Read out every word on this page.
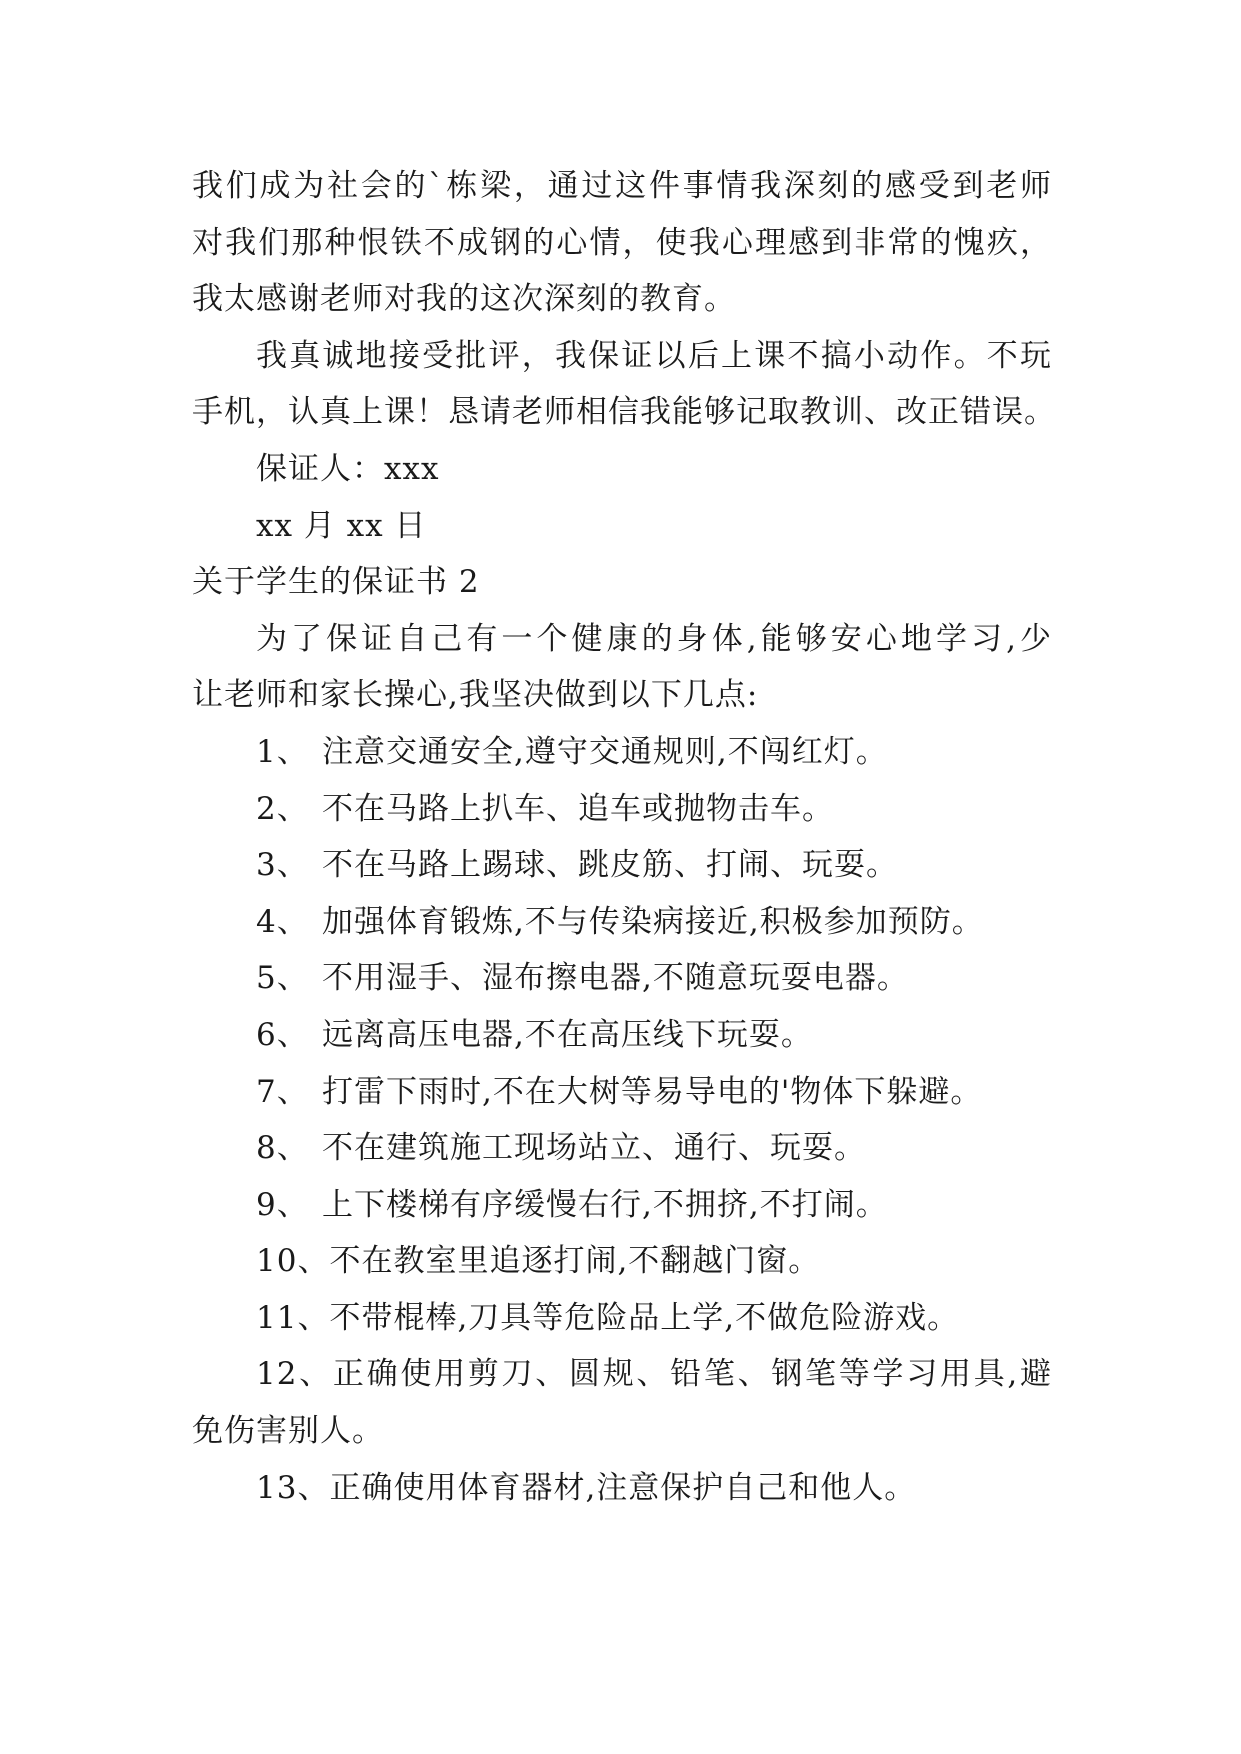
我们成为社会的`栋梁，通过这件事情我深刻的感受到老师
对我们那种恨铁不成钢的心情，使我心理感到非常的愧疚，
我太感谢老师对我的这次深刻的教育。
我真诚地接受批评，我保证以后上课不搞小动作。不玩
手机，认真上课！恳请老师相信我能够记取教训、改正错误。
保证人：xxx
xx 月 xx 日
关于学生的保证书 2
为了保证自己有一个健康的身体,能够安心地学习,少
让老师和家长操心,我坚决做到以下几点:
1、 注意交通安全,遵守交通规则,不闯红灯。
2、 不在马路上扒车、追车或抛物击车。
3、 不在马路上踢球、跳皮筋、打闹、玩耍。
4、 加强体育锻炼,不与传染病接近,积极参加预防。
5、 不用湿手、湿布擦电器,不随意玩耍电器。
6、 远离高压电器,不在高压线下玩耍。
7、 打雷下雨时,不在大树等易导电的'物体下躲避。
8、 不在建筑施工现场站立、通行、玩耍。
9、 上下楼梯有序缓慢右行,不拥挤,不打闹。
10、不在教室里追逐打闹,不翻越门窗。
11、不带棍棒,刀具等危险品上学,不做危险游戏。
12、正确使用剪刀、圆规、铅笔、钢笔等学习用具,避
免伤害别人。
13、正确使用体育器材,注意保护自己和他人。
